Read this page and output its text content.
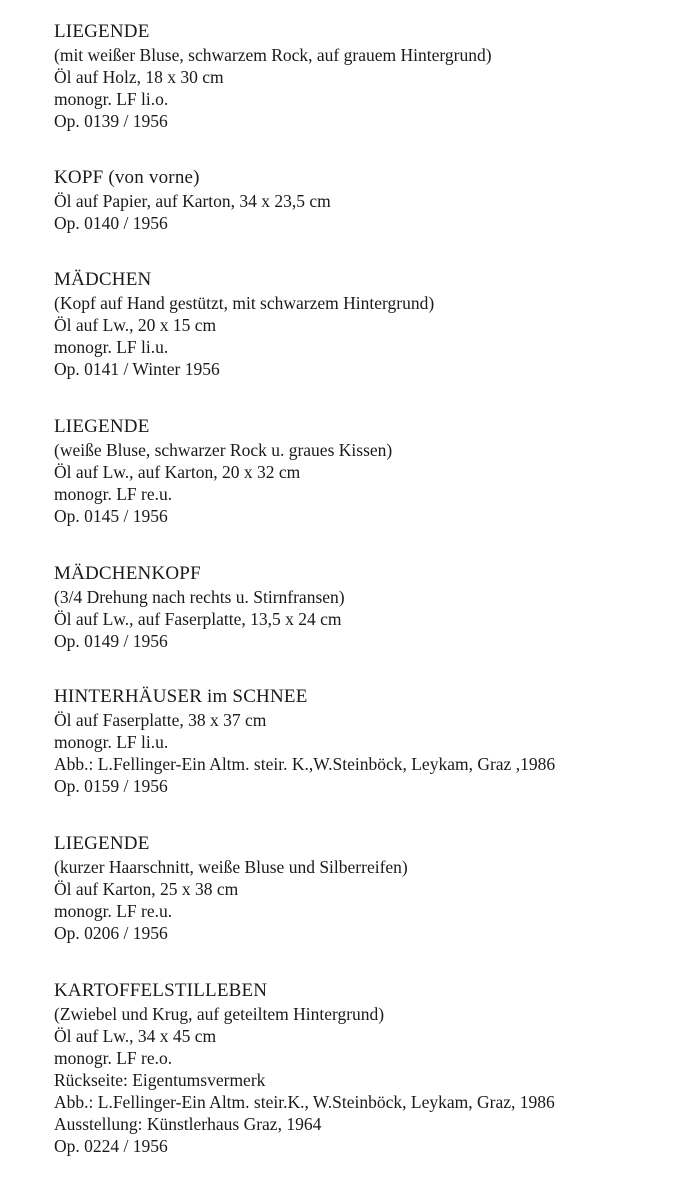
LIEGENDE
(mit weißer Bluse, schwarzem Rock, auf grauem Hintergrund)
Öl auf Holz, 18 x 30 cm
monogr. LF li.o.
Op. 0139 / 1956
KOPF (von vorne)
Öl auf Papier, auf Karton, 34 x 23,5 cm
Op. 0140 / 1956
MÄDCHEN
(Kopf auf Hand gestützt, mit schwarzem Hintergrund)
Öl auf Lw., 20 x 15 cm
monogr. LF li.u.
Op. 0141 / Winter 1956
LIEGENDE
(weiße Bluse, schwarzer Rock u. graues Kissen)
Öl auf Lw., auf Karton, 20 x 32 cm
monogr. LF re.u.
Op. 0145 / 1956
MÄDCHENKOPF
(3/4 Drehung nach rechts u. Stirnfransen)
Öl auf Lw., auf Faserplatte, 13,5 x 24 cm
Op. 0149 / 1956
HINTERHÄUSER im SCHNEE
Öl auf Faserplatte, 38 x 37 cm
monogr. LF li.u.
Abb.: L.Fellinger-Ein Altm. steir. K.,W.Steinböck, Leykam, Graz ,1986
Op. 0159 / 1956
LIEGENDE
(kurzer Haarschnitt, weiße Bluse und Silberreifen)
Öl auf Karton, 25 x 38 cm
monogr. LF re.u.
Op. 0206 / 1956
KARTOFFELSTILLEBEN
(Zwiebel und Krug, auf geteiltem Hintergrund)
Öl auf Lw., 34 x 45 cm
monogr. LF re.o.
Rückseite: Eigentumsvermerk
Abb.: L.Fellinger-Ein Altm. steir.K., W.Steinböck, Leykam, Graz, 1986
Ausstellung: Künstlerhaus Graz, 1964
Op. 0224 / 1956
